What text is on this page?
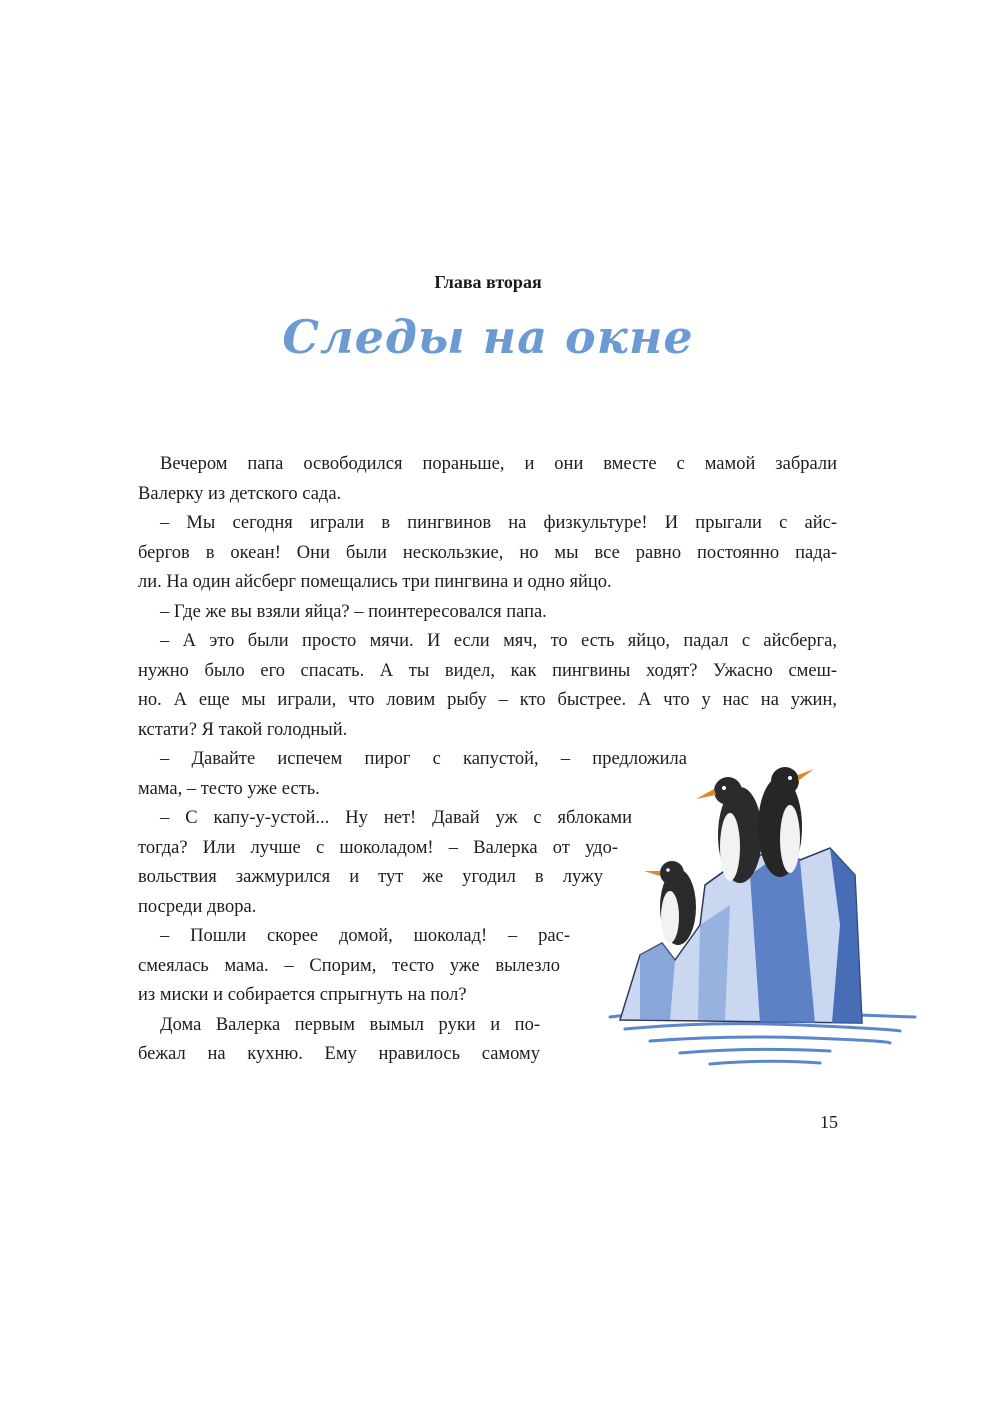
Глава вторая
Следы на окне
Вечером папа освободился пораньше, и они вместе с мамой забрали
Валерку из детского сада.
– Мы сегодня играли в пингвинов на физкультуре! И прыгали с айс-
бергов в океан! Они были нескользкие, но мы все равно постоянно пада-
ли. На один айсберг помещались три пингвина и одно яйцо.
– Где же вы взяли яйца? – поинтересовался папа.
– А это были просто мячи. И если мяч, то есть яйцо, падал с айсберга,
нужно было его спасать. А ты видел, как пингвины ходят? Ужасно смеш-
но. А еще мы играли, что ловим рыбу – кто быстрее. А что у нас на ужин,
кстати? Я такой голодный.
– Давайте испечем пирог с капустой, – предложила
мама, – тесто уже есть.
– С капу-у-устой... Ну нет! Давай уж с яблоками
тогда? Или лучше с шоколадом! – Валерка от удо-
вольствия зажмурился и тут же угодил в лужу
посреди двора.
– Пошли скорее домой, шоколад! – рас-
смеялась мама. – Спорим, тесто уже вылезло
из миски и собирается спрыгнуть на пол?
Дома Валерка первым вымыл руки и по-
бежал на кухню. Ему нравилось самому
15
